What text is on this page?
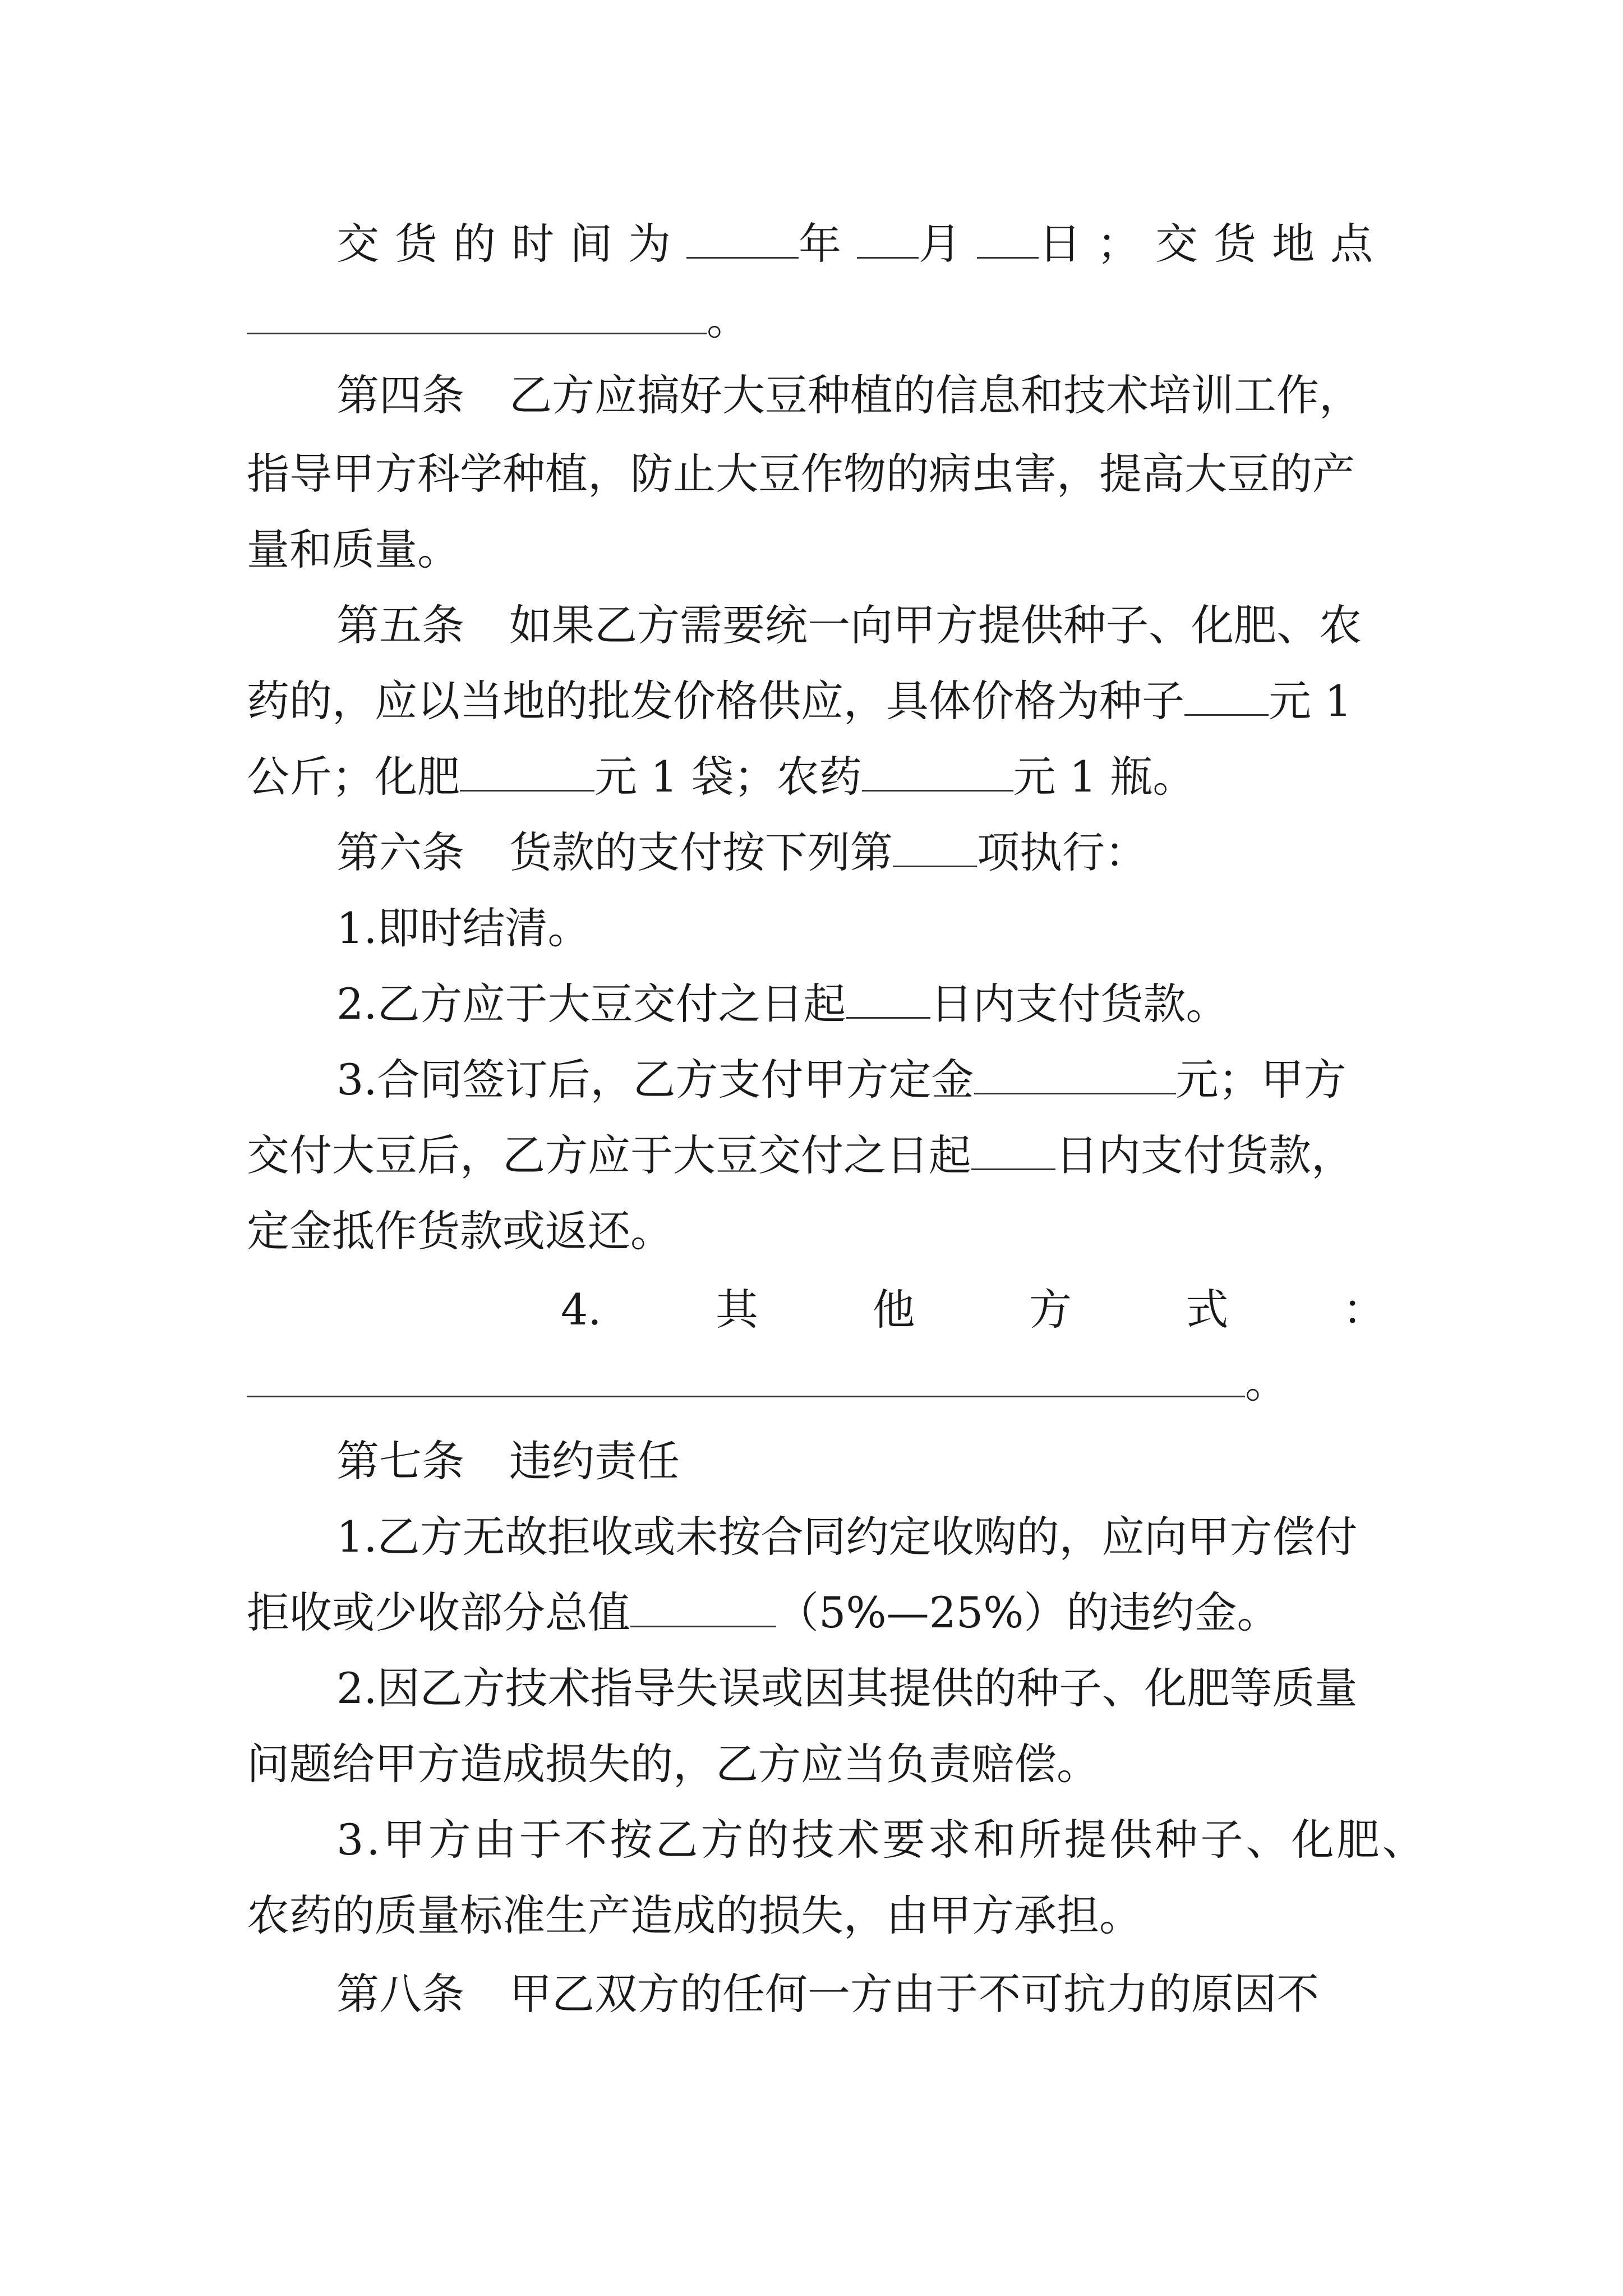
交货的时间为	年 月 日；交货地点
。
第四条 乙方应搞好大豆种植的信息和技术培训工作，
指导甲方科学种植，防止大豆作物的病虫害，提高大豆的产
量和质量。
第五条 如果乙方需要统一向甲方提供种子、化肥、农
药的，应以当地的批发价格供应，具体价格为种子 元 1
公斤；化肥	元 1 袋；农药	元 1 瓶。
第六条 货款的支付按下列第 项执行：
1.即时结清。
2.乙方应于大豆交付之日起 日内支付货款。
3.合同签订后，乙方支付甲方定金	元；甲方
交付大豆后，乙方应于大豆交付之日起 日内支付货款，
定金抵作货款或返还。
4.	其	他	方	式	：
。
第七条 违约责任
1.乙方无故拒收或未按合同约定收购的，应向甲方偿付
拒收或少收部分总值	（5%—25%）的违约金。
2.因乙方技术指导失误或因其提供的种子、化肥等质量
问题给甲方造成损失的，乙方应当负责赔偿。
3.甲方由于不按乙方的技术要求和所提供种子、化肥、
农药的质量标准生产造成的损失，由甲方承担。
第八条 甲乙双方的任何一方由于不可抗力的原因不
